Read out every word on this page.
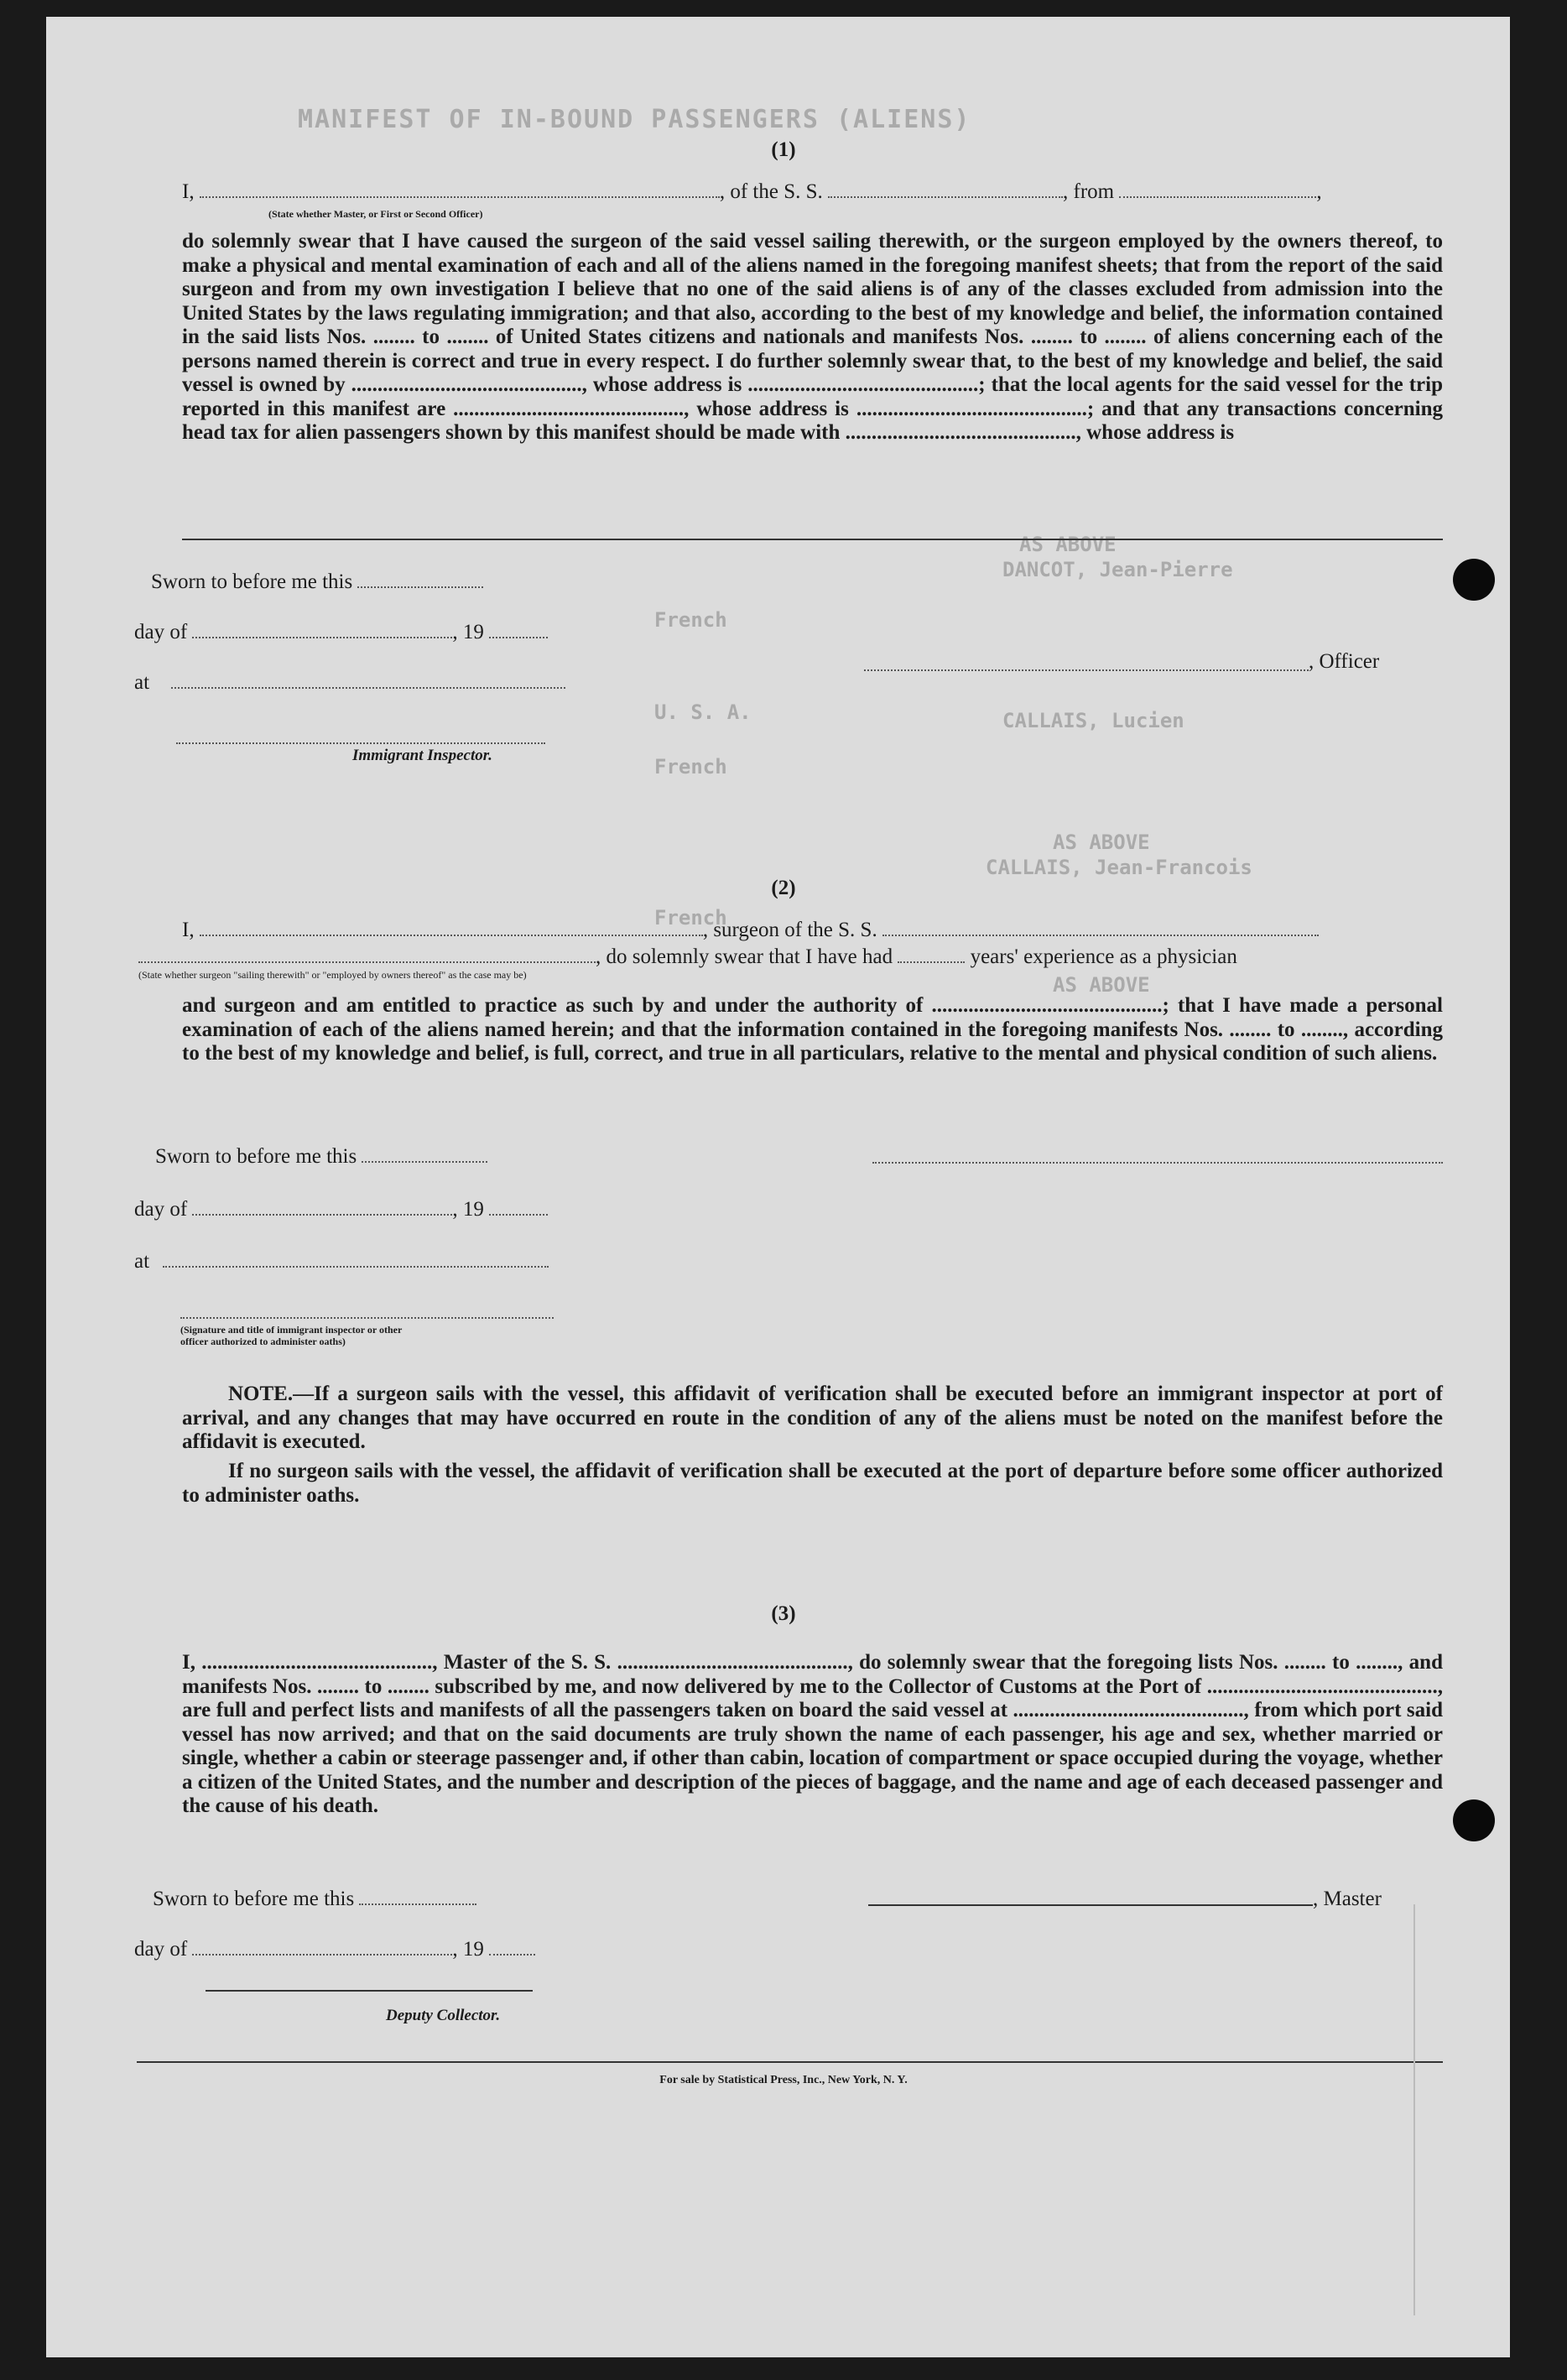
MANIFEST OF IN-BOUND PASSENGERS (ALIENS)
AS ABOVE
DANCOT, Jean-Pierre
French
U. S. A.	CALLAIS, Lucien
French
AS ABOVE
CALLAIS, Jean-Francois
French
AS ABOVE
(1)
I,	, of the S. S.	, from	,
(State whether Master, or First or Second Officer)
do solemnly swear that I have caused the surgeon of the said vessel sailing therewith, or the surgeon employed by the owners thereof, to make a physical and mental examination of each and all of the aliens named in the foregoing manifest sheets; that from the report of the said surgeon and from my own investigation I believe that no one of the said aliens is of any of the classes excluded from admission into the United States by the laws regulating immigration; and that also, according to the best of my knowledge and belief, the information contained in the said lists Nos. ........ to ........ of United States citizens and nationals and manifests Nos. ........ to ........ of aliens concerning each of the persons named therein is correct and true in every respect. I do further solemnly swear that, to the best of my knowledge and belief, the said vessel is owned by ............................................, whose address is ............................................; that the local agents for the said vessel for the trip reported in this manifest are ............................................, whose address is ............................................; and that any transactions concerning head tax for alien passengers shown by this manifest should be made with ............................................, whose address is
Sworn to before me this
day of	, 19
at
, Officer
Immigrant Inspector.
(2)
I,	, surgeon of the S. S.
, do solemnly swear that I have had	years' experience as a physician
(State whether surgeon "sailing therewith" or "employed by owners thereof" as the case may be)
and surgeon and am entitled to practice as such by and under the authority of ............................................; that I have made a personal examination of each of the aliens named herein; and that the information contained in the foregoing manifests Nos. ........ to ........, according to the best of my knowledge and belief, is full, correct, and true in all particulars, relative to the mental and physical condition of such aliens.
Sworn to before me this
day of	, 19
at
(Signature and title of immigrant inspector or other officer authorized to administer oaths)
NOTE.—If a surgeon sails with the vessel, this affidavit of verification shall be executed before an immigrant inspector at port of arrival, and any changes that may have occurred en route in the condition of any of the aliens must be noted on the manifest before the affidavit is executed.
If no surgeon sails with the vessel, the affidavit of verification shall be executed at the port of departure before some officer authorized to administer oaths.
(3)
I, ............................................, Master of the S. S. ............................................, do solemnly swear that the foregoing lists Nos. ........ to ........, and manifests Nos. ........ to ........ subscribed by me, and now delivered by me to the Collector of Customs at the Port of ............................................, are full and perfect lists and manifests of all the passengers taken on board the said vessel at ............................................, from which port said vessel has now arrived; and that on the said documents are truly shown the name of each passenger, his age and sex, whether married or single, whether a cabin or steerage passenger and, if other than cabin, location of compartment or space occupied during the voyage, whether a citizen of the United States, and the number and description of the pieces of baggage, and the name and age of each deceased passenger and the cause of his death.
Sworn to before me this	, Master
day of	, 19
Deputy Collector.
For sale by Statistical Press, Inc., New York, N. Y.
